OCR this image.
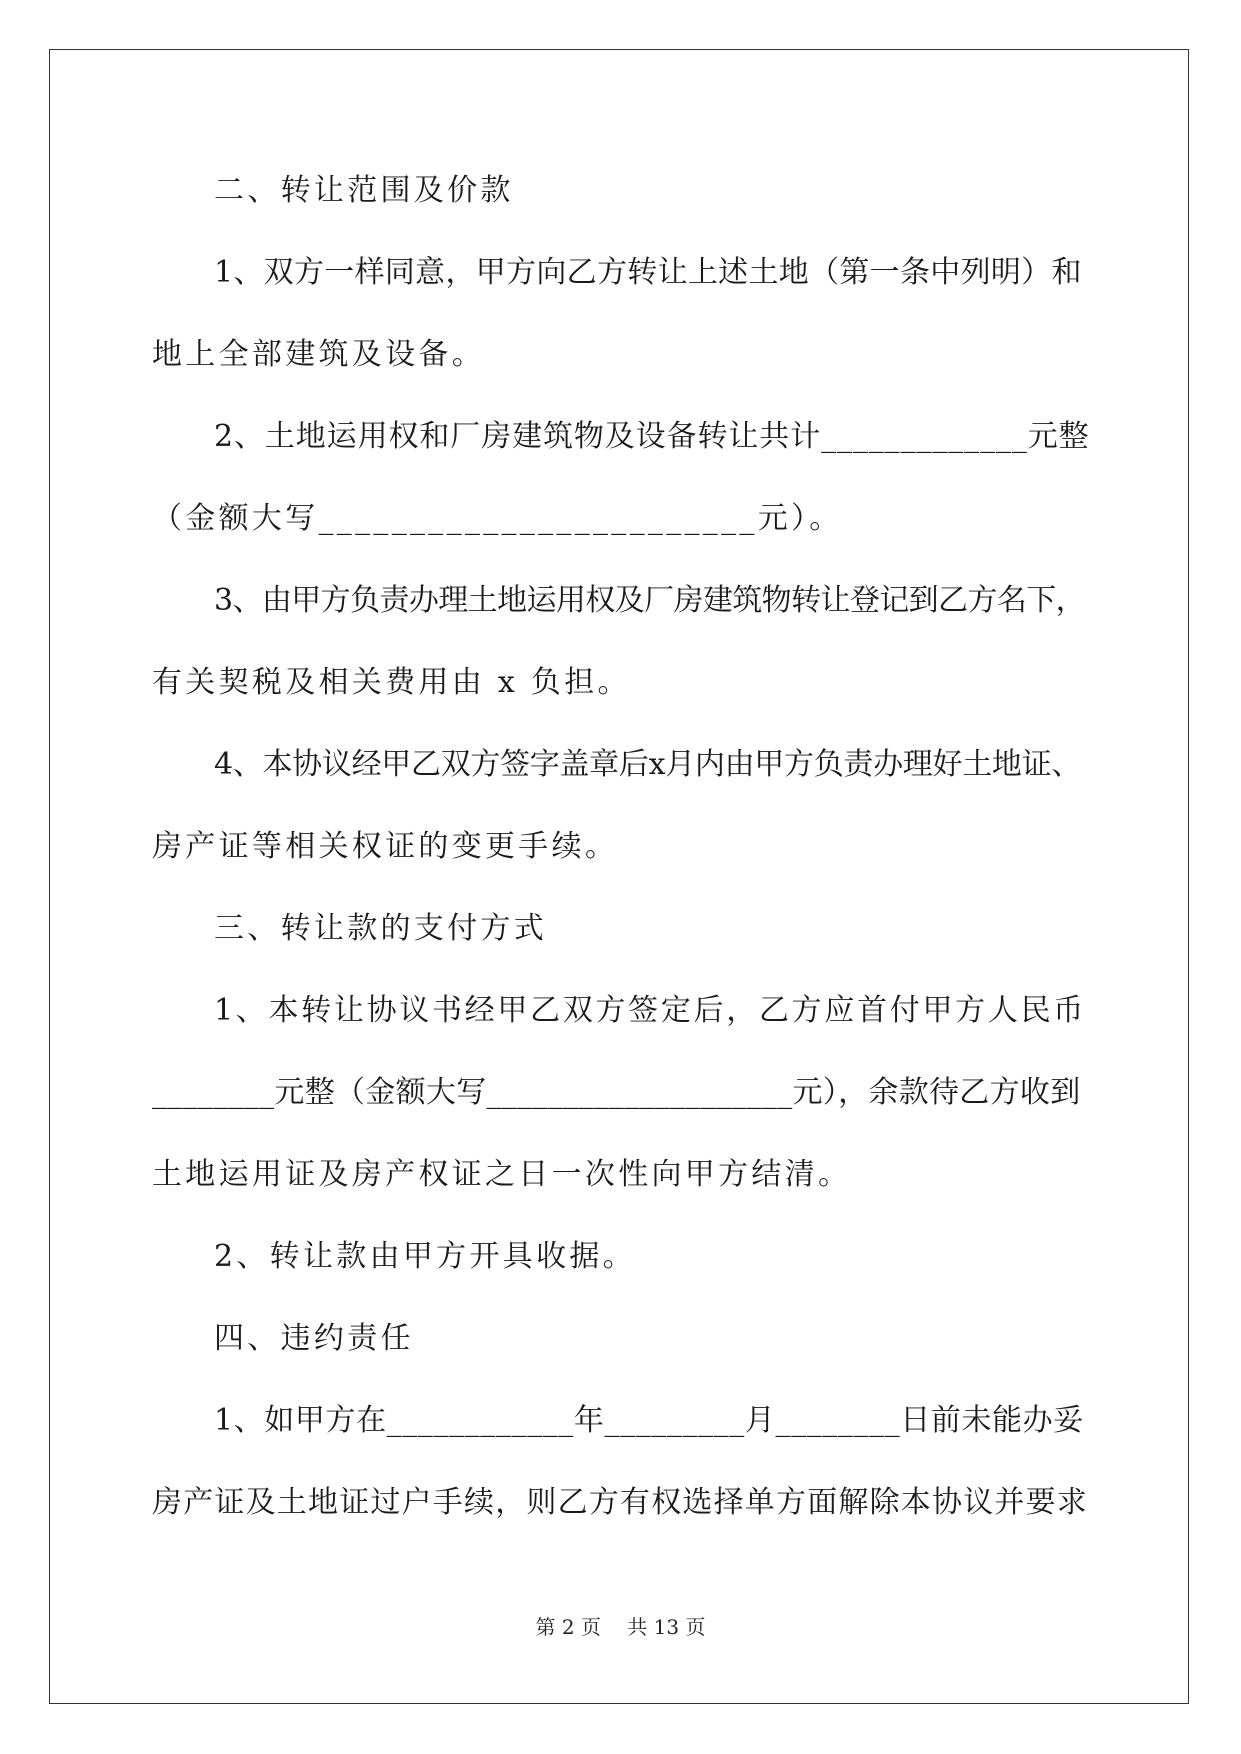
二、转让范围及价款
1、双方一样同意，甲方向乙方转让上述土地（第一条中列明）和
地上全部建筑及设备。
2、土地运用权和厂房建筑物及设备转让共计_____________元整
（金额大写________________________元）。
3、由甲方负责办理土地运用权及厂房建筑物转让登记到乙方名下，
有关契税及相关费用由 x 负担。
4、本协议经甲乙双方签字盖章后x月内由甲方负责办理好土地证、
房产证等相关权证的变更手续。
三、转让款的支付方式
1、本转让协议书经甲乙双方签定后，乙方应首付甲方人民币
________元整（金额大写____________________元），余款待乙方收到
土地运用证及房产权证之日一次性向甲方结清。
2、转让款由甲方开具收据。
四、违约责任
1、如甲方在____________年_________月________日前未能办妥
房产证及土地证过户手续，则乙方有权选择单方面解除本协议并要求
第 2 页　 共 13 页
